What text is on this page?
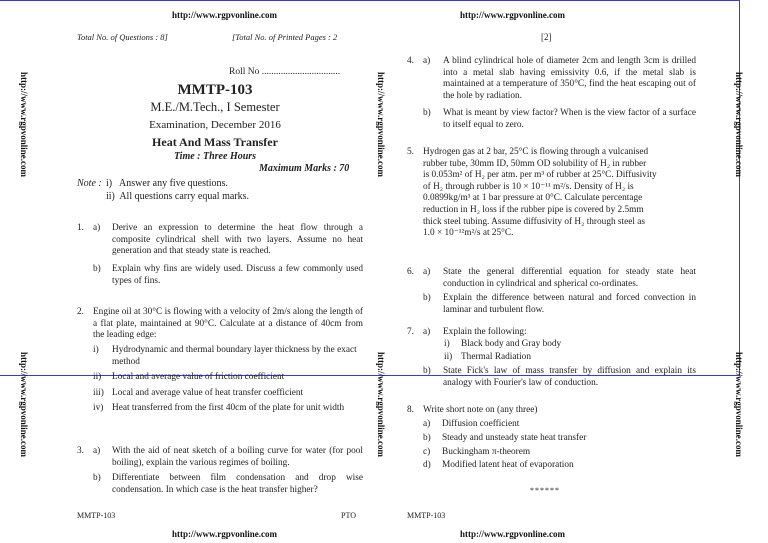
http://www.rgpvonline.com	http://www.rgpvonline.com
http://www.rgpvonline.com	http://www.rgpvonline.com
http://www.rgpvonline.com
http://www.rgpvonline.com
http://www.rgpvonline.com
http://www.rgpvonline.com
http://www.rgpvonline.com
http://www.rgpvonline.com
Total No. of Questions : 8]	[Total No. of Printed Pages : 2
Roll No .................................
MMTP-103
M.E./M.Tech., I Semester
Examination, December 2016
Heat And Mass Transfer
Time : Three Hours
Maximum Marks : 70
Note : i)   Answer any five questions.
ii)  All questions carry equal marks.
1. a) Derive an expression to determine the heat flow through a composite cylindrical shell with two layers. Assume no heat generation and that steady state is reached.
b) Explain why fins are widely used. Discuss a few commonly used types of fins.
2. Engine oil at 30°C is flowing with a velocity of 2m/s along the length of a flat plate, maintained at 90°C. Calculate at a distance of 40cm from the leading edge:
i) Hydrodynamic and thermal boundary layer thickness by the exact method
ii) Local and average value of friction coefficient
iii) Local and average value of heat transfer coefficient
iv) Heat transferred from the first 40cm of the plate for unit width
3. a) With the aid of neat sketch of a boiling curve for water (for pool boiling), explain the various regimes of boiling.
b) Differentiate between film condensation and drop wise condensation. In which case is the heat transfer higher?
MMTP-103	PTO
[2]
4. a) A blind cylindrical hole of diameter 2cm and length 3cm is drilled into a metal slab having emissivity 0.6, if the metal slab is maintained at a temperature of 350°C, find the heat escaping out of the hole by radiation.
b) What is meant by view factor? When is the view factor of a surface to itself equal to zero.
5. Hydrogen gas at 2 bar, 25°C is flowing through a vulcanised
rubber tube, 30mm ID, 50mm OD solubility of H₂ in rubber
is 0.053m² of H₂ per atm. per m³ of rubber at 25°C. Diffusivity
of H₂ through rubber is 10 × 10⁻¹¹ m²/s. Density of H₂ is
0.0899kg/m³ at 1 bar pressure at 0°C. Calculate percentage
reduction in H₂ loss if the rubber pipe is covered by 2.5mm
thick steel tubing. Assume diffusivity of H₂ through steel as
1.0 × 10⁻¹²m²/s at 25°C.
6. a) State the general differential equation for steady state heat conduction in cylindrical and spherical co-ordinates.
b) Explain the difference between natural and forced convection in laminar and turbulent flow.
7. a) Explain the following:
i) Black body and Gray body
ii) Thermal Radiation
b) State Fick's law of mass transfer by diffusion and explain its analogy with Fourier's law of conduction.
8. Write short note on (any three)
a) Diffusion coefficient
b) Steady and unsteady state heat transfer
c) Buckingham π-theorem
d) Modified latent heat of evaporation
******
MMTP-103
